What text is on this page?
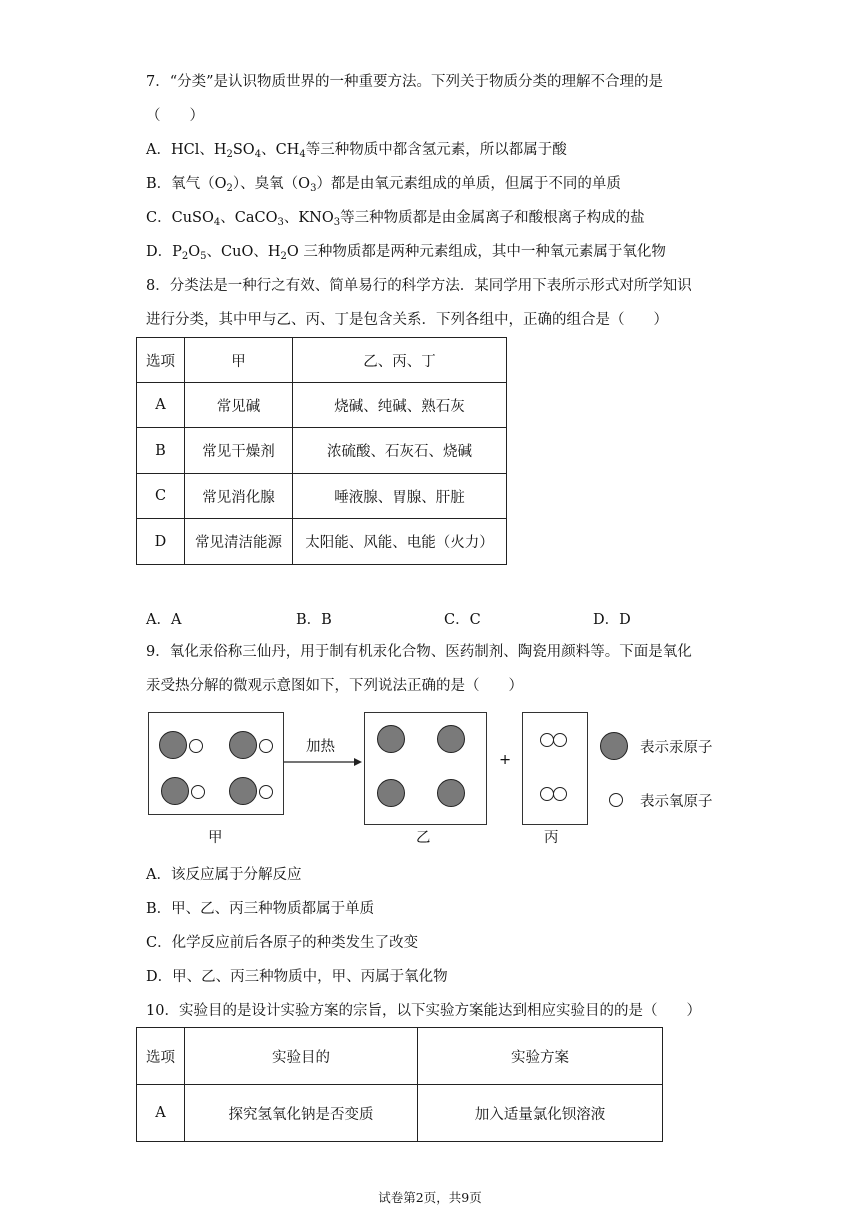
7．“分类”是认识物质世界的一种重要方法。下列关于物质分类的理解不合理的是
（　　）
A．HCl、$H_2SO_4$、$CH_4$等三种物质中都含氢元素，所以都属于酸
B．氧气$(O_2)$、臭氧$(O_3)$都是由氧元素组成的单质，但属于不同的单质
C．CuSO$_4$、CaCO$_3$、$KNO_3$等三种物质都是由金属离子和酸根离子构成的盐
D．$P_2O_5$、CuO、$H_2O$ 三种物质都是两种元素组成，其中一种氧元素属于氧化物
8．分类法是一种行之有效、简单易行的科学方法．某同学用下表所示形式对所学知识
进行分类，其中甲与乙、丙、丁是包含关系．下列各组中，正确的组合是（　　）
选项	甲	乙、丙、丁
A	常见碱	烧碱、纯碱、熟石灰
B	常见干燥剂	浓硫酸、石灰石、烧碱
C	常见消化腺	唾液腺、胃腺、肝脏
D	常见清洁能源	太阳能、风能、电能（火力）
A．A	B．B	C．C	D．D
9．氧化汞俗称三仙丹，用于制有机汞化合物、医药制剂、陶瓷用颜料等。下面是氧化
汞受热分解的微观示意图如下，下列说法正确的是（　　）
甲
加热
乙
+
丙
表示汞原子
表示氧原子
A．该反应属于分解反应
B．甲、乙、丙三种物质都属于单质
C．化学反应前后各原子的种类发生了改变
D．甲、乙、丙三种物质中，甲、丙属于氧化物
10．实验目的是设计实验方案的宗旨，以下实验方案能达到相应实验目的的是（　　）
选项	实验目的	实验方案
A	探究氢氧化钠是否变质	加入适量氯化钡溶液
试卷第2页，共9页
